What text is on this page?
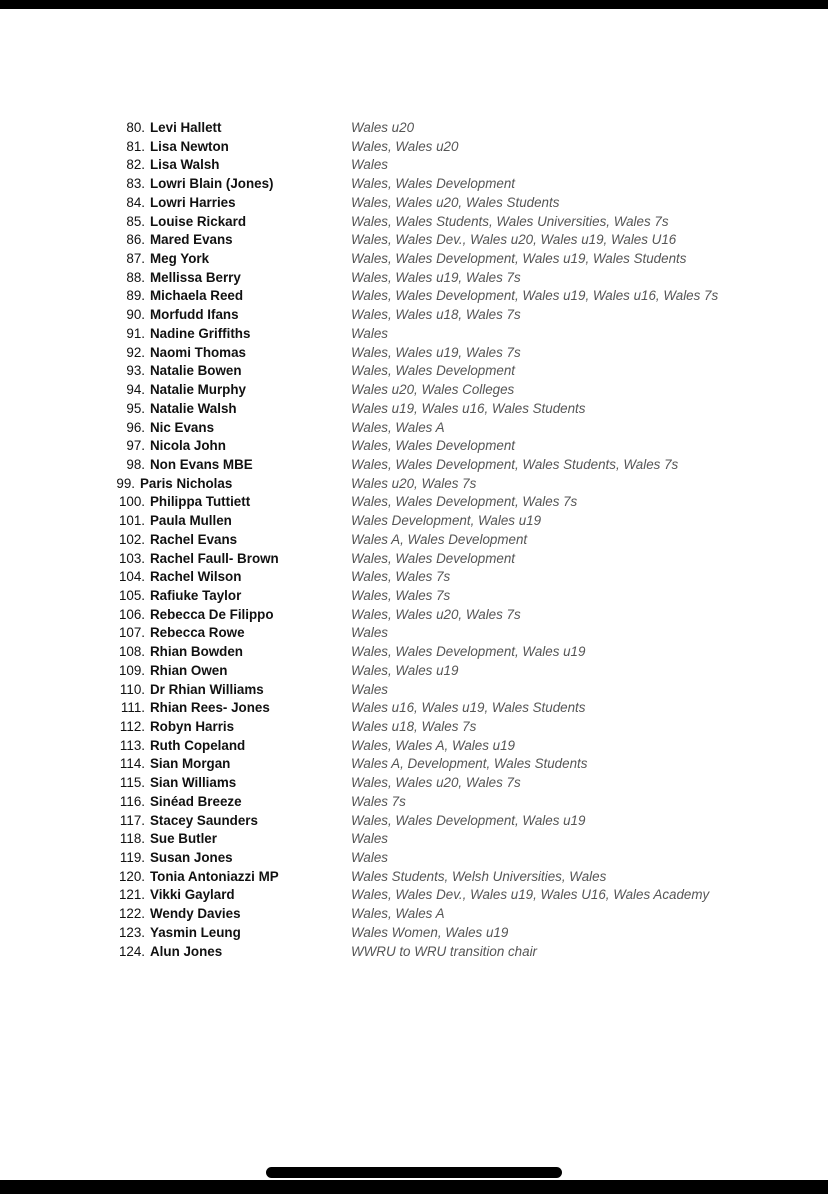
80. Levi Hallett	Wales u20
81. Lisa Newton	Wales, Wales u20
82. Lisa Walsh	Wales
83. Lowri Blain (Jones)	Wales, Wales Development
84. Lowri Harries	Wales, Wales u20, Wales Students
85. Louise Rickard	Wales, Wales Students, Wales Universities, Wales 7s
86. Mared Evans	Wales, Wales Dev., Wales u20, Wales u19, Wales U16
87. Meg York	Wales, Wales Development, Wales u19, Wales Students
88. Mellissa Berry	Wales, Wales u19, Wales 7s
89. Michaela Reed	Wales, Wales Development, Wales u19, Wales u16, Wales 7s
90. Morfudd Ifans	Wales, Wales u18, Wales 7s
91. Nadine Griffiths	Wales
92. Naomi Thomas	Wales, Wales u19, Wales 7s
93. Natalie Bowen	Wales, Wales Development
94. Natalie Murphy	Wales u20, Wales Colleges
95. Natalie Walsh	Wales u19, Wales u16, Wales Students
96. Nic Evans	Wales, Wales A
97. Nicola John	Wales, Wales Development
98. Non Evans MBE	Wales, Wales Development, Wales Students, Wales 7s
99. Paris Nicholas	Wales u20, Wales 7s
100. Philippa Tuttiett	Wales, Wales Development, Wales 7s
101. Paula Mullen	Wales Development, Wales u19
102. Rachel Evans	Wales A, Wales Development
103. Rachel Faull- Brown	Wales, Wales Development
104. Rachel Wilson	Wales, Wales 7s
105. Rafiuke Taylor	Wales, Wales 7s
106. Rebecca De Filippo	Wales, Wales u20, Wales 7s
107. Rebecca Rowe	Wales
108. Rhian Bowden	Wales, Wales Development, Wales u19
109. Rhian Owen	Wales, Wales u19
110. Dr Rhian Williams	Wales
111. Rhian Rees- Jones	Wales u16, Wales u19, Wales Students
112. Robyn Harris	Wales u18, Wales 7s
113. Ruth Copeland	Wales, Wales A, Wales u19
114. Sian Morgan	Wales A, Development, Wales Students
115. Sian Williams	Wales, Wales u20, Wales 7s
116. Sinéad Breeze	Wales 7s
117. Stacey Saunders	Wales, Wales Development, Wales u19
118. Sue Butler	Wales
119. Susan Jones	Wales
120. Tonia Antoniazzi MP	Wales Students, Welsh Universities, Wales
121. Vikki Gaylard	Wales, Wales Dev., Wales u19, Wales U16, Wales Academy
122. Wendy Davies	Wales, Wales A
123. Yasmin Leung	Wales Women, Wales u19
124. Alun Jones	WWRU to WRU transition chair
